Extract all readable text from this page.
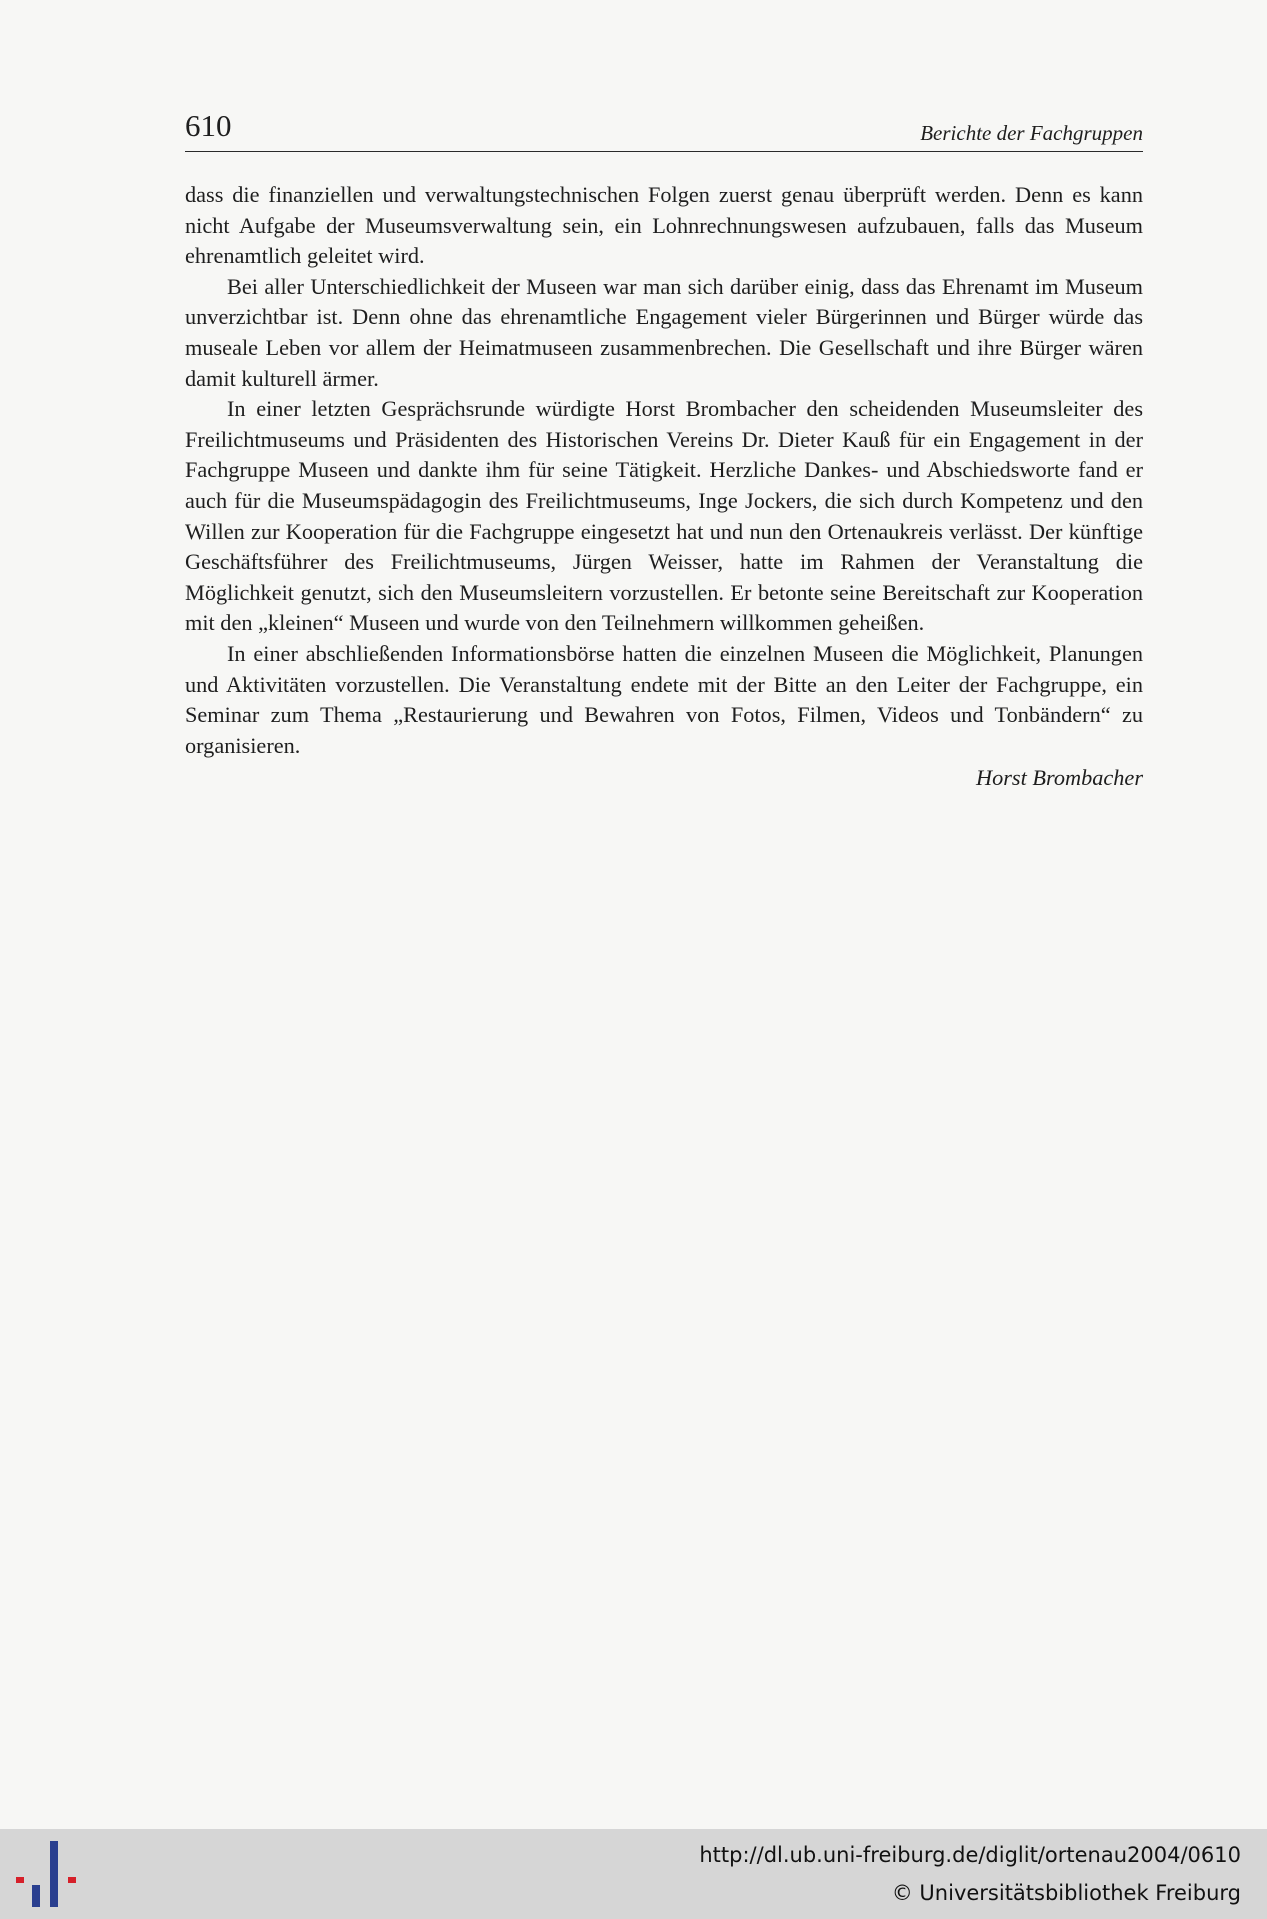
610	Berichte der Fachgruppen

dass die finanziellen und verwaltungstechnischen Folgen zuerst genau überprüft werden. Denn es kann nicht Aufgabe der Museumsverwaltung sein, ein Lohnrechnungswesen aufzubauen, falls das Museum ehrenamtlich geleitet wird.

Bei aller Unterschiedlichkeit der Museen war man sich darüber einig, dass das Ehrenamt im Museum unverzichtbar ist. Denn ohne das ehrenamtliche Engagement vieler Bürgerinnen und Bürger würde das museale Leben vor allem der Heimatmuseen zusammenbrechen. Die Gesellschaft und ihre Bürger wären damit kulturell ärmer.

In einer letzten Gesprächsrunde würdigte Horst Brombacher den scheidenden Museumsleiter des Freilichtmuseums und Präsidenten des Historischen Vereins Dr. Dieter Kauß für ein Engagement in der Fachgruppe Museen und dankte ihm für seine Tätigkeit. Herzliche Dankes- und Abschiedsworte fand er auch für die Museumspädagogin des Freilichtmuseums, Inge Jockers, die sich durch Kompetenz und den Willen zur Kooperation für die Fachgruppe eingesetzt hat und nun den Ortenaukreis verlässt. Der künftige Geschäftsführer des Freilichtmuseums, Jürgen Weisser, hatte im Rahmen der Veranstaltung die Möglichkeit genutzt, sich den Museumsleitern vorzustellen. Er betonte seine Bereitschaft zur Kooperation mit den „kleinen“ Museen und wurde von den Teilnehmern willkommen geheißen.

In einer abschließenden Informationsbörse hatten die einzelnen Museen die Möglichkeit, Planungen und Aktivitäten vorzustellen. Die Veranstaltung endete mit der Bitte an den Leiter der Fachgruppe, ein Seminar zum Thema „Restaurierung und Bewahren von Fotos, Filmen, Videos und Tonbändern“ zu organisieren.

Horst Brombacher

http://dl.ub.uni-freiburg.de/diglit/ortenau2004/0610
© Universitätsbibliothek Freiburg
